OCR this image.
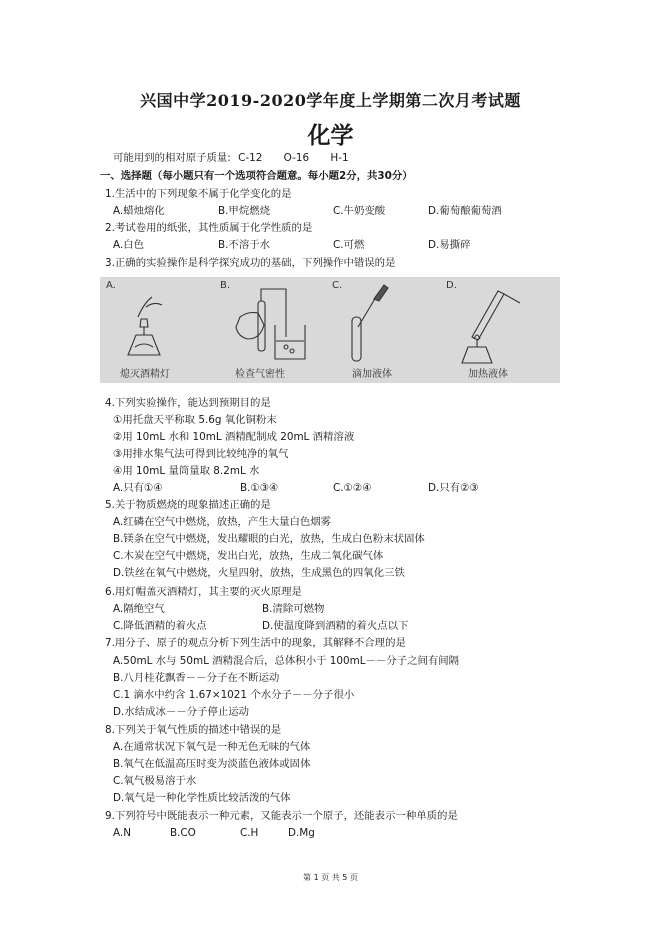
兴国中学2019-2020学年度上学期第二次月考试题
化学
可能用到的相对原子质量: C-12 O-16 H-1
一、选择题（每小题只有一个选项符合题意。每小题2分，共30分）
1.生活中的下列现象不属于化学变化的是
A.蜡烛熔化	B.甲烷燃烧	C.牛奶变酸	D.葡萄酿葡萄酒
2.考试卷用的纸张，其性质属于化学性质的是
A.白色	B.不溶于水	C.可燃	D.易撕碎
3.正确的实验操作是科学探究成功的基础，下列操作中错误的是
A.	B.	C.	D.
熄灭酒精灯	检查气密性	滴加液体	加热液体
4.下列实验操作，能达到预期目的是
①用托盘天平称取 5.6g 氧化铜粉末
②用 10mL 水和 10mL 酒精配制成 20mL 酒精溶液
③用排水集气法可得到比较纯净的氧气
④用 10mL 量筒量取 8.2mL 水
A.只有①④	B.①③④	C.①②④	D.只有②③
5.关于物质燃烧的现象描述正确的是
A.红磷在空气中燃烧，放热，产生大量白色烟雾
B.镁条在空气中燃烧，发出耀眼的白光，放热，生成白色粉末状固体
C.木炭在空气中燃烧，发出白光，放热，生成二氧化碳气体
D.铁丝在氧气中燃烧，火星四射，放热，生成黑色的四氧化三铁
6.用灯帽盖灭酒精灯，其主要的灭火原理是
A.隔绝空气	B.清除可燃物
C.降低酒精的着火点	D.使温度降到酒精的着火点以下
7.用分子、原子的观点分析下列生活中的现象，其解释不合理的是
A.50mL 水与 50mL 酒精混合后，总体积小于 100mL－－分子之间有间隔
B.八月桂花飘香－－分子在不断运动
C.1 滴水中约含 1.67×1021 个水分子－－分子很小
D.水结成冰－－分子停止运动
8.下列关于氧气性质的描述中错误的是
A.在通常状况下氧气是一种无色无味的气体
B.氧气在低温高压时变为淡蓝色液体或固体
C.氧气极易溶于水
D.氧气是一种化学性质比较活泼的气体
9.下列符号中既能表示一种元素，又能表示一个原子，还能表示一种单质的是
A.N	B.CO	C.H	D.Mg
第 1 页 共 5 页
